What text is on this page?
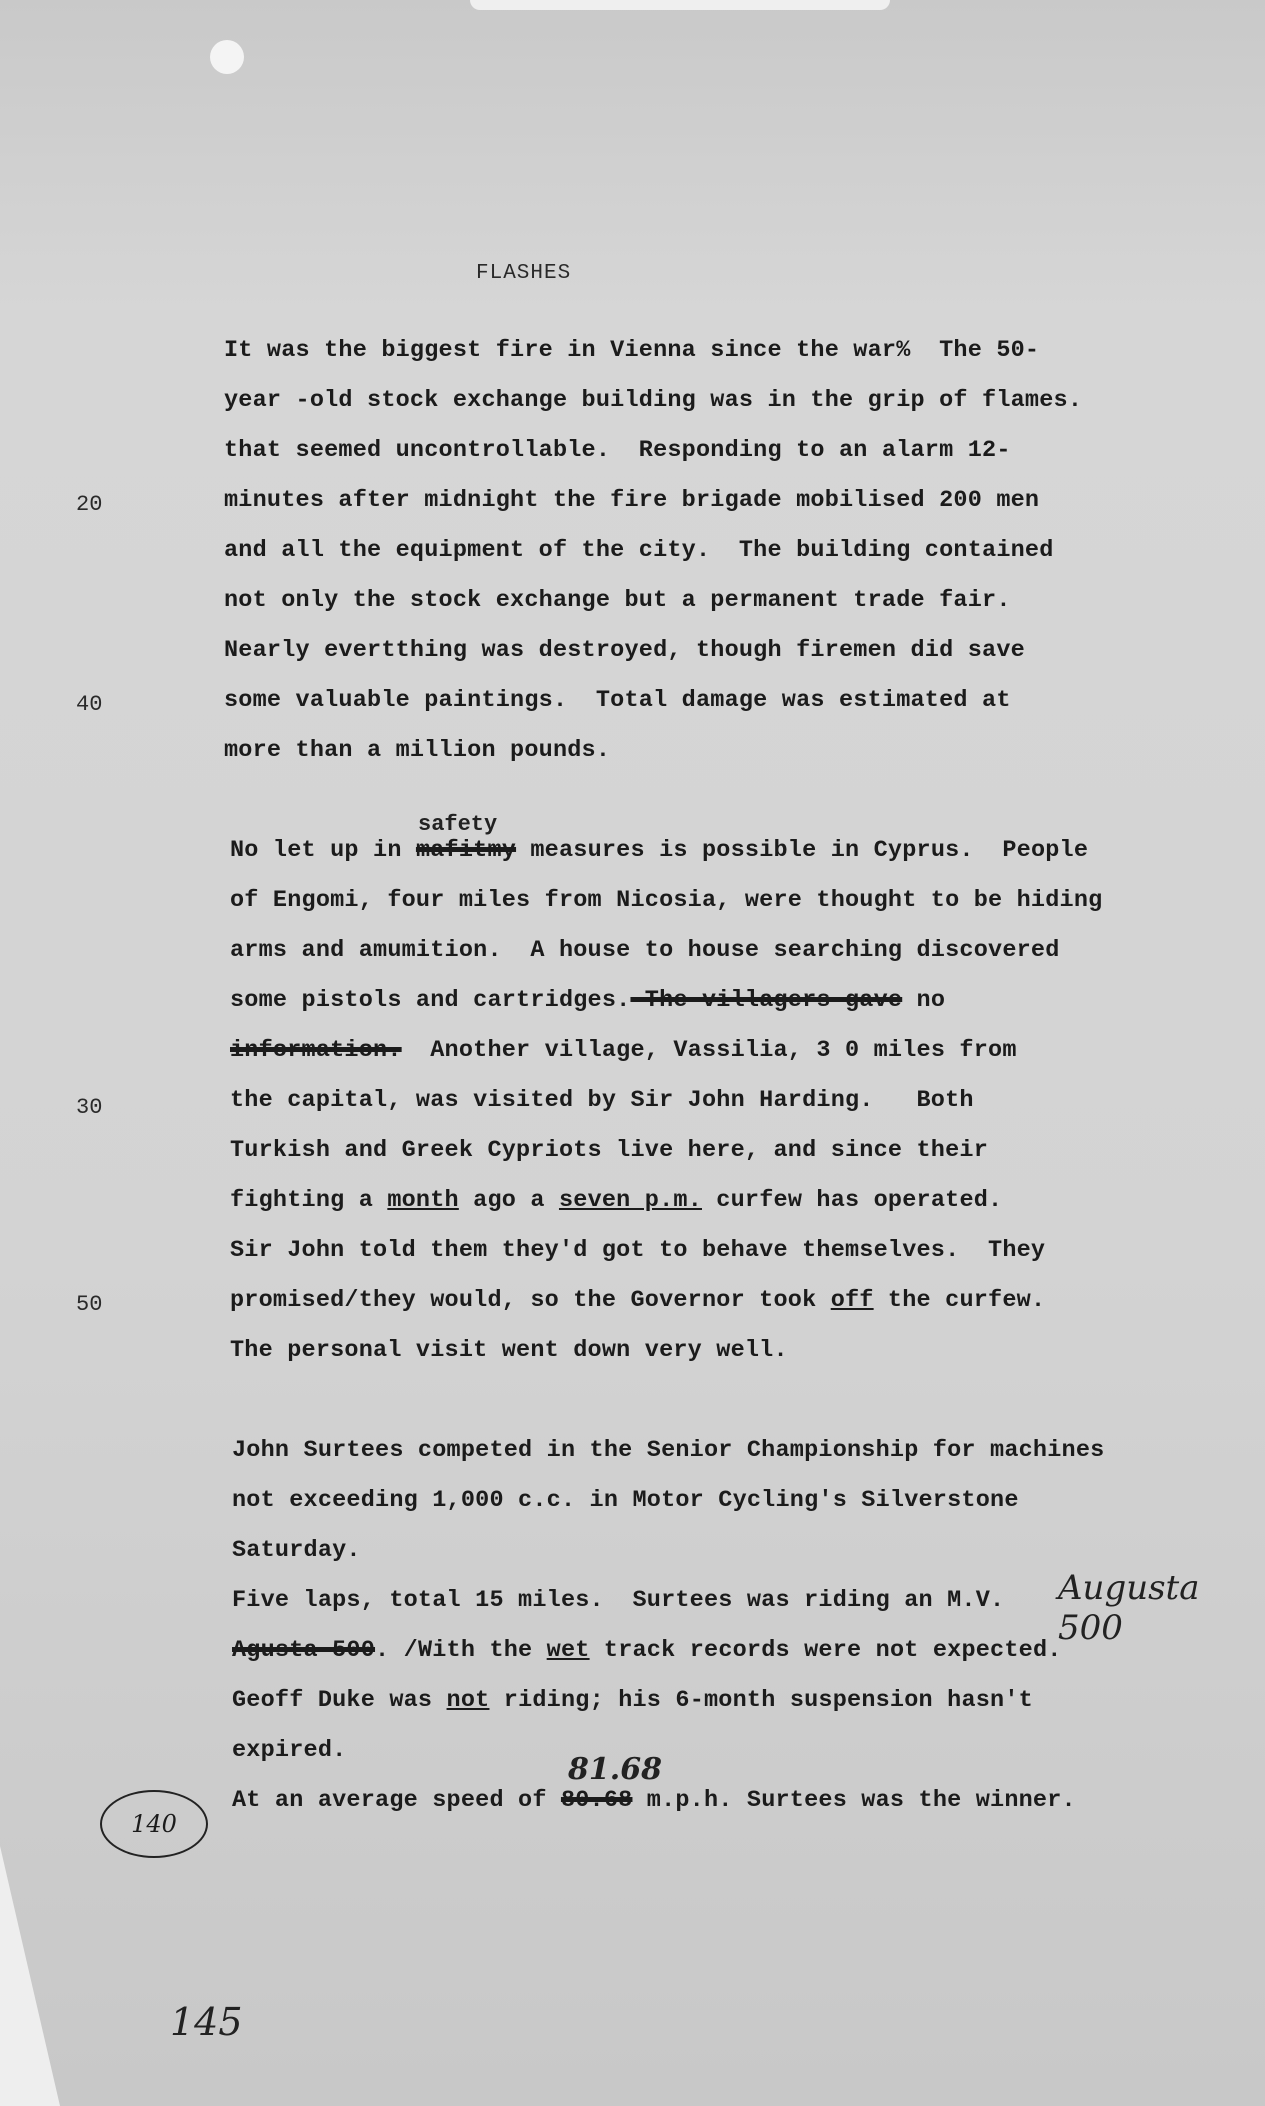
20
40
30
50
FLASHES
It was the biggest fire in Vienna since the war%  The 50-
year -old stock exchange building was in the grip of flames.
that seemed uncontrollable.  Responding to an alarm 12-
minutes after midnight the fire brigade mobilised 200 men
and all the equipment of the city.  The building contained
not only the stock exchange but a permanent trade fair.
Nearly evertthing was destroyed, though firemen did save
some valuable paintings.  Total damage was estimated at
more than a million pounds.
safety
No let up in mafitmy measures is possible in Cyprus.  People
of Engomi, four miles from Nicosia, were thought to be hiding
arms and amumition.  A house to house searching discovered
some pistols and cartridges. The villagers gave no
information.  Another village, Vassilia, 3 0 miles from
the capital, was visited by Sir John Harding.   Both
Turkish and Greek Cypriots live here, and since their
fighting a month ago a seven p.m. curfew has operated.
Sir John told them they'd got to behave themselves.  They
promised/they would, so the Governor took off the curfew.
The personal visit went down very well.
John Surtees competed in the Senior Championship for machines
not exceeding 1,000 c.c. in Motor Cycling's Silverstone
Saturday.
Five laps, total 15 miles.  Surtees was riding an M.V.
Agusta 500. /With the wet track records were not expected.
Geoff Duke was not riding; his 6-month suspension hasn't
expired.
At an average speed of 80.68 m.p.h. Surtees was the winner.
Augusta 500
81.68
140
145
